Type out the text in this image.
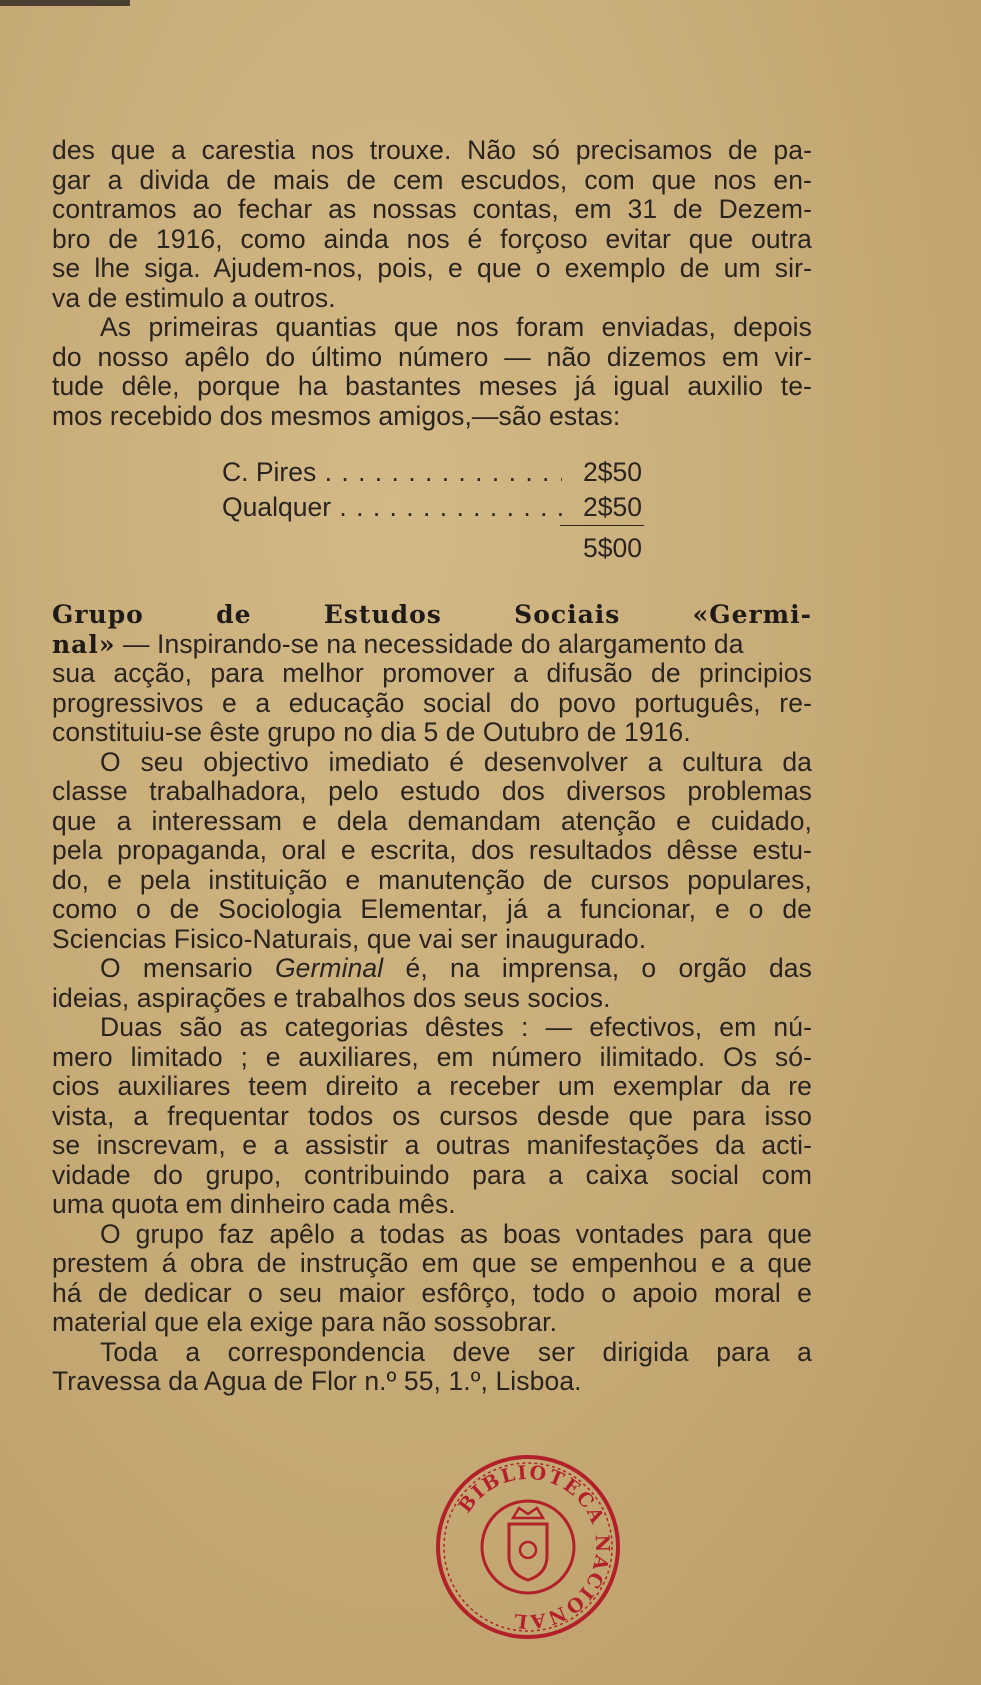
des que a carestia nos trouxe. Não só precisamos de pa-
gar a divida de mais de cem escudos, com que nos en-
contramos ao fechar as nossas contas, em 31 de Dezem-
bro de 1916, como ainda nos é forçoso evitar que outra
se lhe siga. Ajudem-nos, pois, e que o exemplo de um sir-
va de estimulo a outros.
As primeiras quantias que nos foram enviadas, depois
do nosso apêlo do último número — não dizemos em vir-
tude dêle, porque ha bastantes meses já igual auxilio te-
mos recebido dos mesmos amigos,—são estas:
C. Pires . . .	2$50
Qualquer . . .	2$50
5$00
Grupo de Estudos Sociais «Germi-
nal» — Inspirando-se na necessidade do alargamento da
sua acção, para melhor promover a difusão de principios
progressivos e a educação social do povo português, re-
constituiu-se êste grupo no dia 5 de Outubro de 1916.
O seu objectivo imediato é desenvolver a cultura da
classe trabalhadora, pelo estudo dos diversos problemas
que a interessam e dela demandam atenção e cuidado,
pela propaganda, oral e escrita, dos resultados dêsse estu-
do, e pela instituição e manutenção de cursos populares,
como o de Sociologia Elementar, já a funcionar, e o de
Sciencias Fisico-Naturais, que vai ser inaugurado.
O mensario Germinal é, na imprensa, o orgão das
ideias, aspirações e trabalhos dos seus socios.
Duas são as categorias dêstes : — efectivos, em nú-
mero limitado ; e auxiliares, em número ilimitado. Os só-
cios auxiliares teem direito a receber um exemplar da re
vista, a frequentar todos os cursos desde que para isso
se inscrevam, e a assistir a outras manifestações da acti-
vidade do grupo, contribuindo para a caixa social com
uma quota em dinheiro cada mês.
O grupo faz apêlo a todas as boas vontades para que
prestem á obra de instrução em que se empenhou e a que
há de dedicar o seu maior esfôrço, todo o apoio moral e
material que ela exige para não sossobrar.
Toda a correspondencia deve ser dirigida para a
Travessa da Agua de Flor n.º 55, 1.º, Lisboa.
BIBLIOTECA NACIONAL
